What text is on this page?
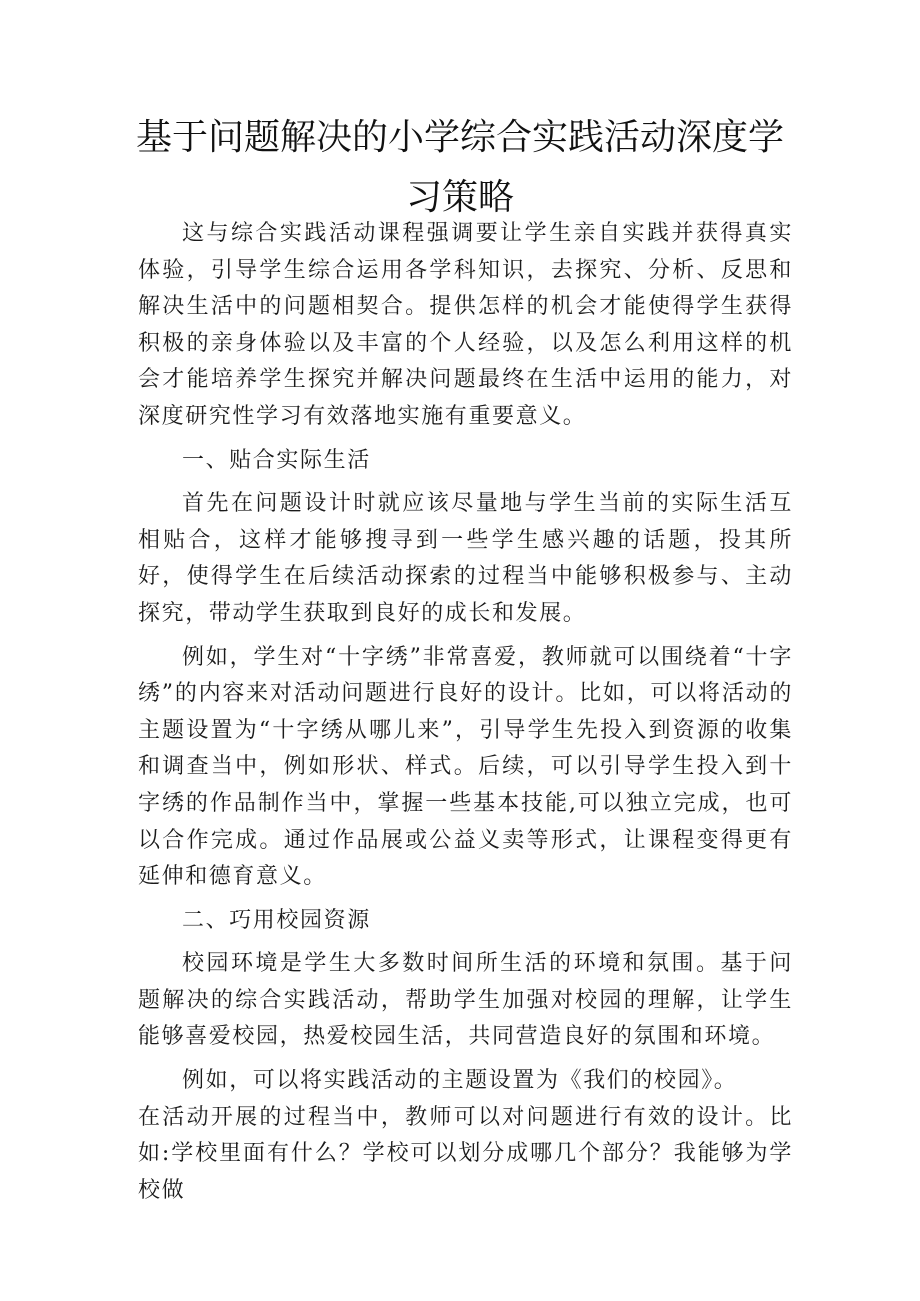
基于问题解决的小学综合实践活动深度学
习策略

这与综合实践活动课程强调要让学生亲自实践并获得真实体验，引导学生综合运用各学科知识，去探究、分析、反思和解决生活中的问题相契合。提供怎样的机会才能使得学生获得积极的亲身体验以及丰富的个人经验，以及怎么利用这样的机会才能培养学生探究并解决问题最终在生活中运用的能力，对深度研究性学习有效落地实施有重要意义。

一、贴合实际生活

首先在问题设计时就应该尽量地与学生当前的实际生活互相贴合，这样才能够搜寻到一些学生感兴趣的话题，投其所好，使得学生在后续活动探索的过程当中能够积极参与、主动探究，带动学生获取到良好的成长和发展。

例如，学生对“十字绣”非常喜爱，教师就可以围绕着“十字绣”的内容来对活动问题进行良好的设计。比如，可以将活动的主题设置为“十字绣从哪儿来”，引导学生先投入到资源的收集和调查当中，例如形状、样式。后续，可以引导学生投入到十字绣的作品制作当中，掌握一些基本技能,可以独立完成，也可以合作完成。通过作品展或公益义卖等形式，让课程变得更有延伸和德育意义。

二、巧用校园资源

校园环境是学生大多数时间所生活的环境和氛围。基于问题解决的综合实践活动，帮助学生加强对校园的理解，让学生能够喜爱校园，热爱校园生活，共同营造良好的氛围和环境。

例如，可以将实践活动的主题设置为《我们的校园》。

在活动开展的过程当中，教师可以对问题进行有效的设计。比如:学校里面有什么？学校可以划分成哪几个部分？我能够为学校做
